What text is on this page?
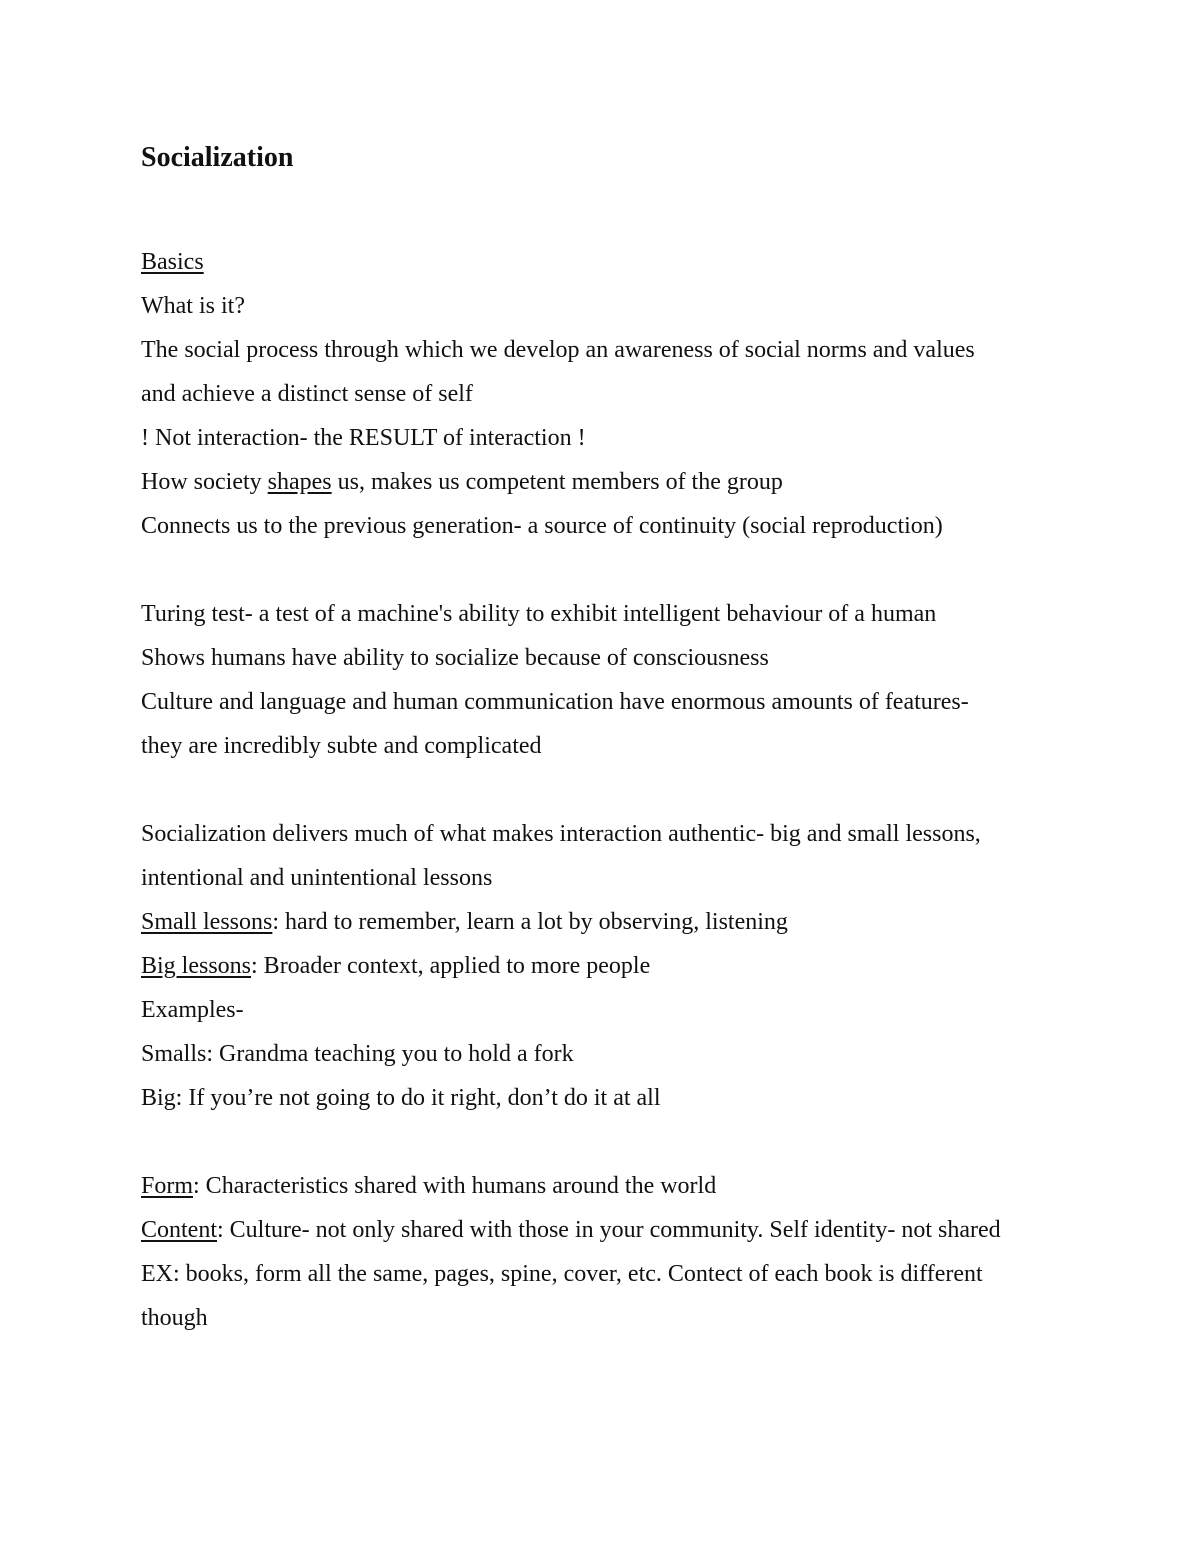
Socialization
Basics
What is it?
The social process through which we develop an awareness of social norms and values
and achieve a distinct sense of self
! Not interaction- the RESULT of interaction !
How society shapes us, makes us competent members of the group
Connects us to the previous generation- a source of continuity (social reproduction)
Turing test- a test of a machine's ability to exhibit intelligent behaviour of a human
Shows humans have ability to socialize because of consciousness
Culture and language and human communication have enormous amounts of features-
they are incredibly subte and complicated
Socialization delivers much of what makes interaction authentic- big and small lessons,
intentional and unintentional lessons
Small lessons: hard to remember, learn a lot by observing, listening
Big lessons: Broader context, applied to more people
Examples-
Smalls: Grandma teaching you to hold a fork
Big: If you’re not going to do it right, don’t do it at all
Form: Characteristics shared with humans around the world
Content: Culture- not only shared with those in your community. Self identity- not shared
EX: books, form all the same, pages, spine, cover, etc. Contect of each book is different
though
